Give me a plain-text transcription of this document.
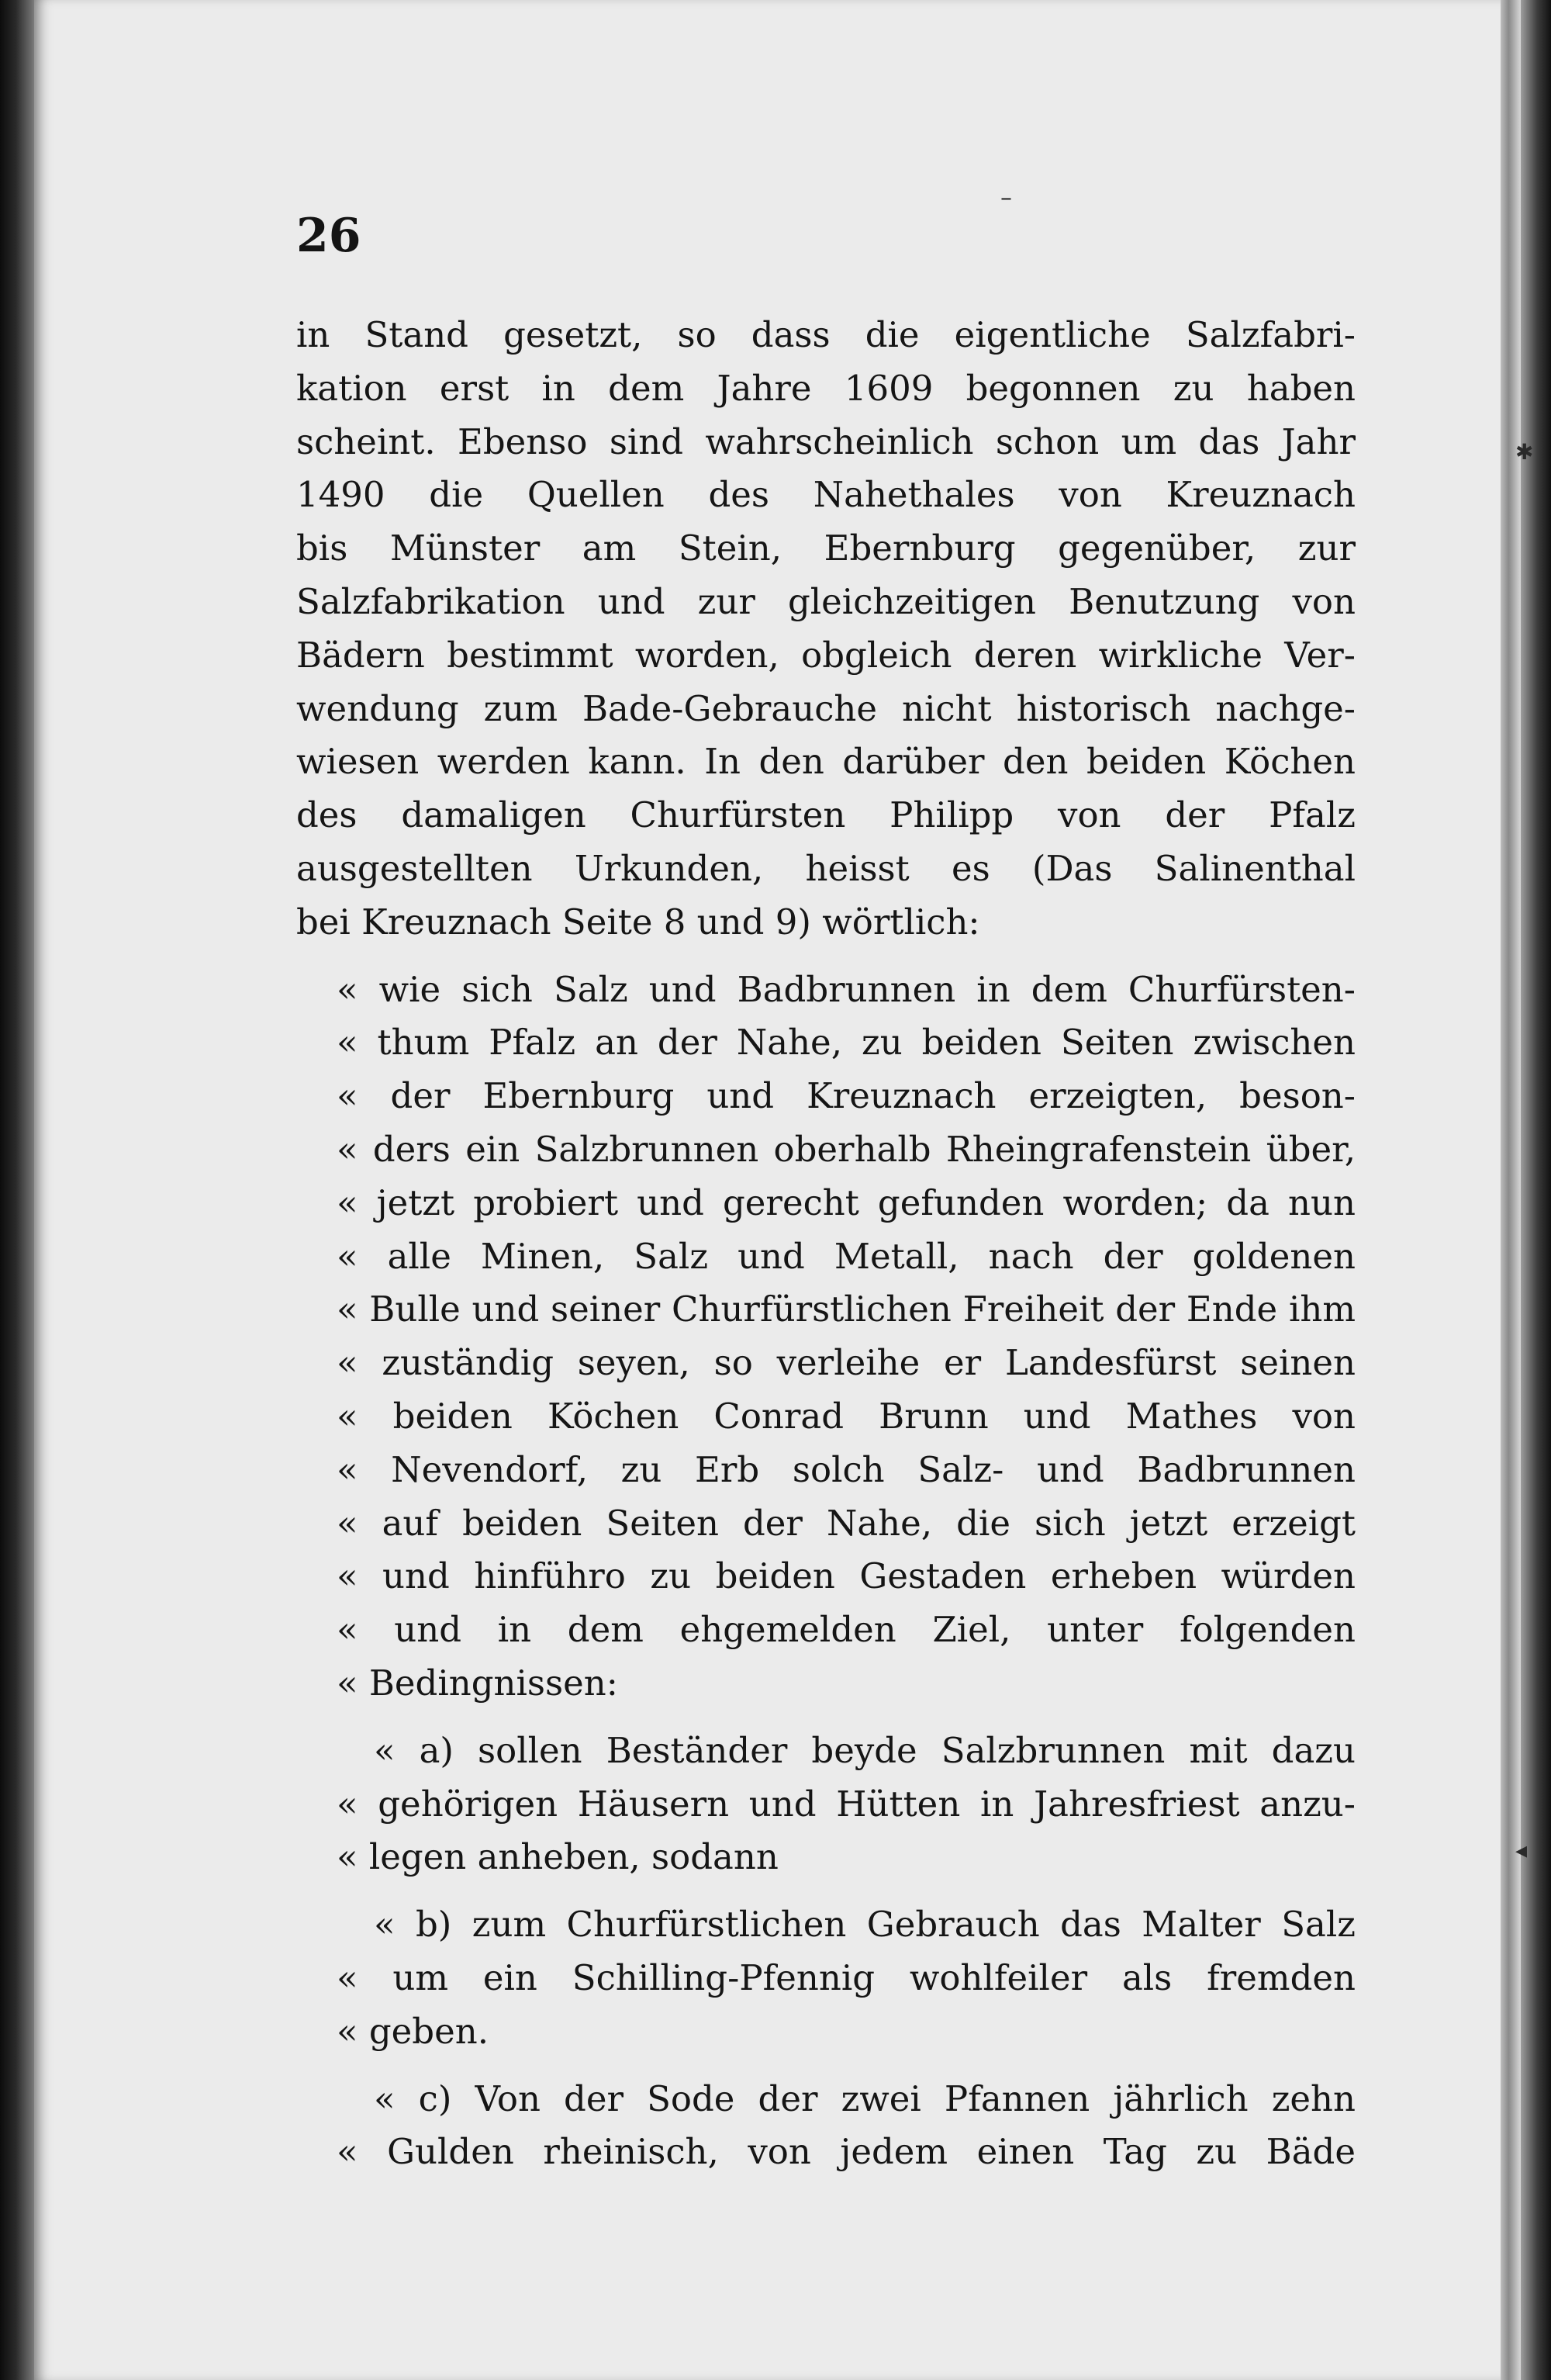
–
✱
◂
26
in Stand gesetzt, so dass die eigentliche Salzfabri-
kation erst in dem Jahre 1609 begonnen zu haben
scheint. Ebenso sind wahrscheinlich schon um das Jahr
1490 die Quellen des Nahethales von Kreuznach
bis Münster am Stein, Ebernburg gegenüber, zur
Salzfabrikation und zur gleichzeitigen Benutzung von
Bädern bestimmt worden, obgleich deren wirkliche Ver-
wendung zum Bade-Gebrauche nicht historisch nachge-
wiesen werden kann. In den darüber den beiden Köchen
des damaligen Churfürsten Philipp von der Pfalz
ausgestellten Urkunden, heisst es (Das Salinenthal
bei Kreuznach Seite 8 und 9) wörtlich:
« wie sich Salz und Badbrunnen in dem Churfürsten-
« thum Pfalz an der Nahe, zu beiden Seiten zwischen
« der Ebernburg und Kreuznach erzeigten, beson-
« ders ein Salzbrunnen oberhalb Rheingrafenstein über,
« jetzt probiert und gerecht gefunden worden; da nun
« alle Minen, Salz und Metall, nach der goldenen
« Bulle und seiner Churfürstlichen Freiheit der Ende ihm
« zuständig seyen, so verleihe er Landesfürst seinen
« beiden Köchen Conrad Brunn und Mathes von
« Nevendorf, zu Erb solch Salz- und Badbrunnen
« auf beiden Seiten der Nahe, die sich jetzt erzeigt
« und hinführo zu beiden Gestaden erheben würden
« und in dem ehgemelden Ziel, unter folgenden
« Bedingnissen:
« a) sollen Beständer beyde Salzbrunnen mit dazu
« gehörigen Häusern und Hütten in Jahresfriest anzu-
« legen anheben, sodann
« b) zum Churfürstlichen Gebrauch das Malter Salz
« um ein Schilling-Pfennig wohlfeiler als fremden
« geben.
« c) Von der Sode der zwei Pfannen jährlich zehn
« Gulden rheinisch, von jedem einen Tag zu Bäde
